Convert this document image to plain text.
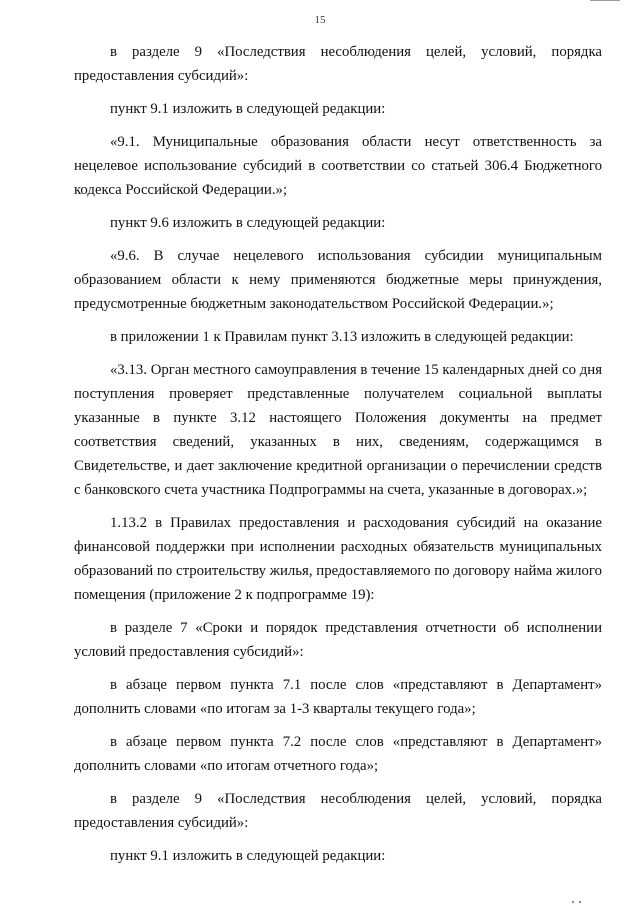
15

в разделе 9 «Последствия несоблюдения целей, условий, порядка предоставления субсидий»:

пункт 9.1 изложить в следующей редакции:

«9.1. Муниципальные образования области несут ответственность за нецелевое использование субсидий в соответствии со статьей 306.4 Бюджетного кодекса Российской Федерации.»;

пункт 9.6 изложить в следующей редакции:

«9.6. В случае нецелевого использования субсидии муниципальным образованием области к нему применяются бюджетные меры принуждения, предусмотренные бюджетным законодательством Российской Федерации.»;

в приложении 1 к Правилам пункт 3.13 изложить в следующей редакции:

«3.13. Орган местного самоуправления в течение 15 календарных дней со дня поступления проверяет представленные получателем социальной выплаты указанные в пункте 3.12 настоящего Положения документы на предмет соответствия сведений, указанных в них, сведениям, содержащимся в Свидетельстве, и дает заключение кредитной организации о перечислении средств с банковского счета участника Подпрограммы на счета, указанные в договорах.»;

1.13.2 в Правилах предоставления и расходования субсидий на оказание финансовой поддержки при исполнении расходных обязательств муниципальных образований по строительству жилья, предоставляемого по договору найма жилого помещения (приложение 2 к подпрограмме 19):

в разделе 7 «Сроки и порядок представления отчетности об исполнении условий предоставления субсидий»:

в абзаце первом пункта 7.1 после слов «представляют в Департамент» дополнить словами «по итогам за 1-3 кварталы текущего года»;

в абзаце первом пункта 7.2 после слов «представляют в Департамент» дополнить словами «по итогам отчетного года»;

в разделе 9 «Последствия несоблюдения целей, условий, порядка предоставления субсидий»:

пункт 9.1 изложить в следующей редакции:
